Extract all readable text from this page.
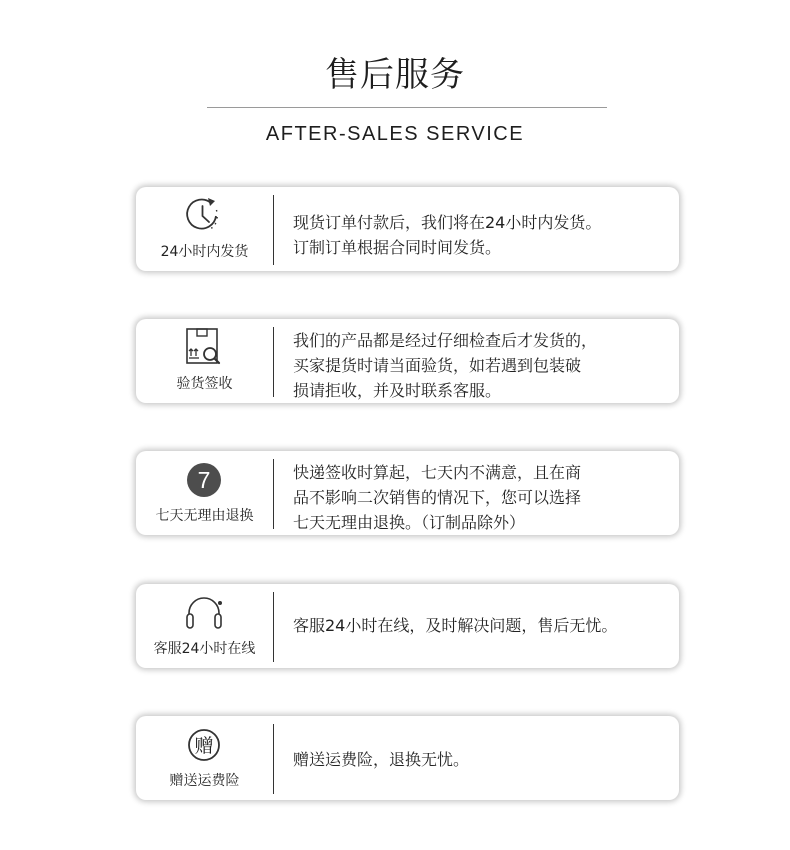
售后服务
AFTER-SALES SERVICE
24小时内发货
现货订单付款后，我们将在24小时内发货。
订制订单根据合同时间发货。
验货签收
我们的产品都是经过仔细检查后才发货的，
买家提货时请当面验货，如若遇到包装破
损请拒收，并及时联系客服。
7
七天无理由退换
快递签收时算起，七天内不满意，且在商
品不影响二次销售的情况下，您可以选择
七天无理由退换。（订制品除外）
客服24小时在线
客服24小时在线，及时解决问题，售后无忧。
赠
赠送运费险
赠送运费险，退换无忧。
